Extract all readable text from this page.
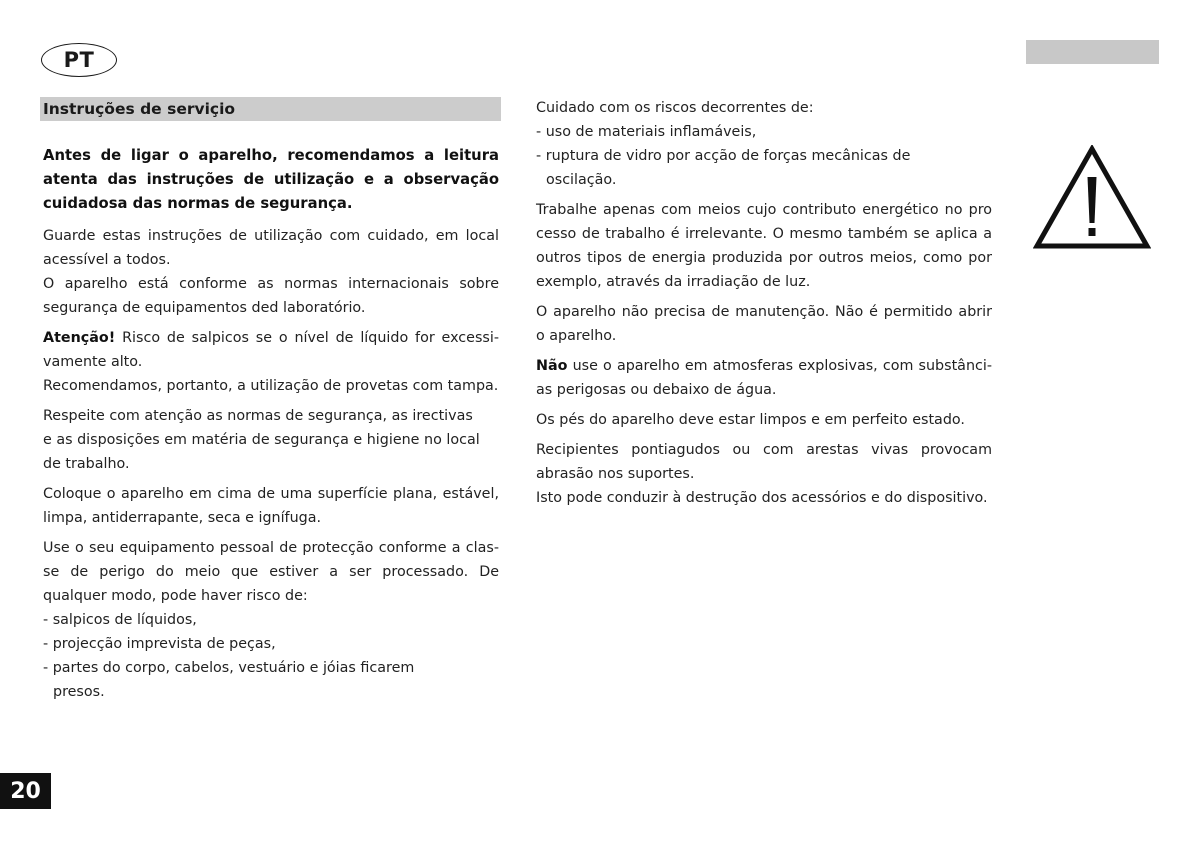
PT
Instruções de serviçio

Antes de ligar o aparelho, recomendamos a leitura atenta das instruções de utilização e a observação cuidadosa das normas de segurança.

Guarde estas instruções de utilização com cuidado, em local acessível a todos.
O aparelho está conforme as normas internacionais sobre segurança de equipamentos ded laboratório.

Atenção! Risco de salpicos se o nível de líquido for excessi-vamente alto.
Recomendamos, portanto, a utilização de provetas com tampa.

Respeite com atenção as normas de segurança, as irectivas
e as disposições em matéria de segurança e higiene no local
de trabalho.

Coloque o aparelho em cima de uma superfície plana, estável, limpa, antiderrapante, seca e ignífuga.

Use o seu equipamento pessoal de protecção conforme a clas-se de perigo do meio que estiver a ser processado. De qualquer modo, pode haver risco de:
- salpicos de líquidos,
- projecção imprevista de peças,
- partes do corpo, cabelos, vestuário e jóias ficarem
presos.

Cuidado com os riscos decorrentes de:
- uso de materiais inflamáveis,
- ruptura de vidro por acção de forças mecânicas de
oscilação.

Trabalhe apenas com meios cujo contributo energético no pro cesso de trabalho é irrelevante. O mesmo também se aplica a outros tipos de energia produzida por outros meios, como por exemplo, através da irradiação de luz.

O aparelho não precisa de manutenção. Não é permitido abrir o aparelho.

Não use o aparelho em atmosferas explosivas, com substânci-as perigosas ou debaixo de água.

Os pés do aparelho deve estar limpos e em perfeito estado.

Recipientes pontiagudos ou com arestas vivas provocam abrasão nos suportes.
Isto pode conduzir à destrução dos acessórios e do dispositivo.

20
